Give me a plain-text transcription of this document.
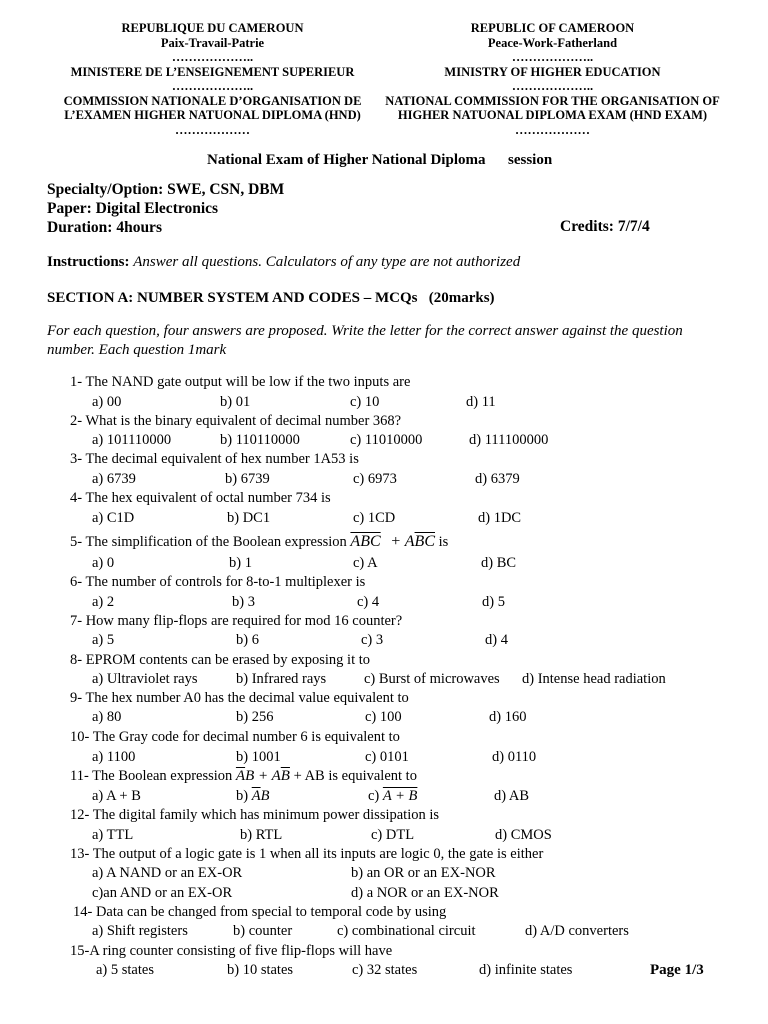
REPUBLIQUE DU CAMEROUN
Paix-Travail-Patrie
………………..
MINISTERE DE L’ENSEIGNEMENT SUPERIEUR
………………..
COMMISSION NATIONALE D’ORGANISATION DE
L’EXAMEN HIGHER NATUONAL DIPLOMA (HND)
………………
REPUBLIC OF CAMEROON
Peace-Work-Fatherland
………………..
MINISTRY OF HIGHER EDUCATION
………………..
NATIONAL COMMISSION FOR THE ORGANISATION OF
HIGHER NATUONAL DIPLOMA EXAM (HND EXAM)
………………
National Exam of Higher National Diploma      session
Specialty/Option: SWE, CSN, DBM
Paper: Digital Electronics
Duration: 4hours	Credits: 7/7/4
Instructions: Answer all questions. Calculators of any type are not authorized
SECTION A: NUMBER SYSTEM AND CODES – MCQs   (20marks)
For each question, four answers are proposed. Write the letter for the correct answer against the question number. Each question 1mark
1- The NAND gate output will be low if the two inputs are
a) 00	b) 01	c) 10	d) 11
2- What is the binary equivalent of decimal number 368?
a) 101110000	b) 110110000	c) 11010000	d) 111100000
3- The decimal equivalent of hex number 1A53 is
a) 6739	b) 6739	c) 6973	d) 6379
4- The hex equivalent of octal number 734 is
a) C1D	b) DC1	c) 1CD	d) 1DC
5- The simplification of the Boolean expression $\overline{ABC} + A\overline{BC}$ is
a) 0	b) 1	c) A	d) BC
6- The number of controls for 8-to-1 multiplexer is
a) 2	b) 3	c) 4	d) 5
7- How many flip-flops are required for mod 16 counter?
a) 5	b) 6	c) 3	d) 4
8- EPROM contents can be erased by exposing it to
a) Ultraviolet rays	b) Infrared rays	c) Burst of microwaves d) Intense head radiation
9- The hex number A0 has the decimal value equivalent to
a) 80	b) 256	c) 100	d) 160
10- The Gray code for decimal number 6 is equivalent to
a) 1100	b) 1001	c) 0101	d) 0110
11- The Boolean expression $\overline{A}B + A\overline{B}$ + AB is equivalent to
a) A + B	b) $\overline{A}B$	c) A + B	d) AB
12- The digital family which has minimum power dissipation is
a) TTL	b) RTL	c) DTL	d) CMOS
13- The output of a logic gate is 1 when all its inputs are logic 0, the gate is either
a) A NAND or an EX-OR	b) an OR or an EX-NOR
c)an AND or an EX-OR	d) a NOR or an EX-NOR
14- Data can be changed from special to temporal code by using
a) Shift registers	b) counter	c) combinational circuit	d) A/D converters
15-A ring counter consisting of five flip-flops will have
a) 5 states	b) 10 states	c) 32 states	d) infinite states	Page 1/3
